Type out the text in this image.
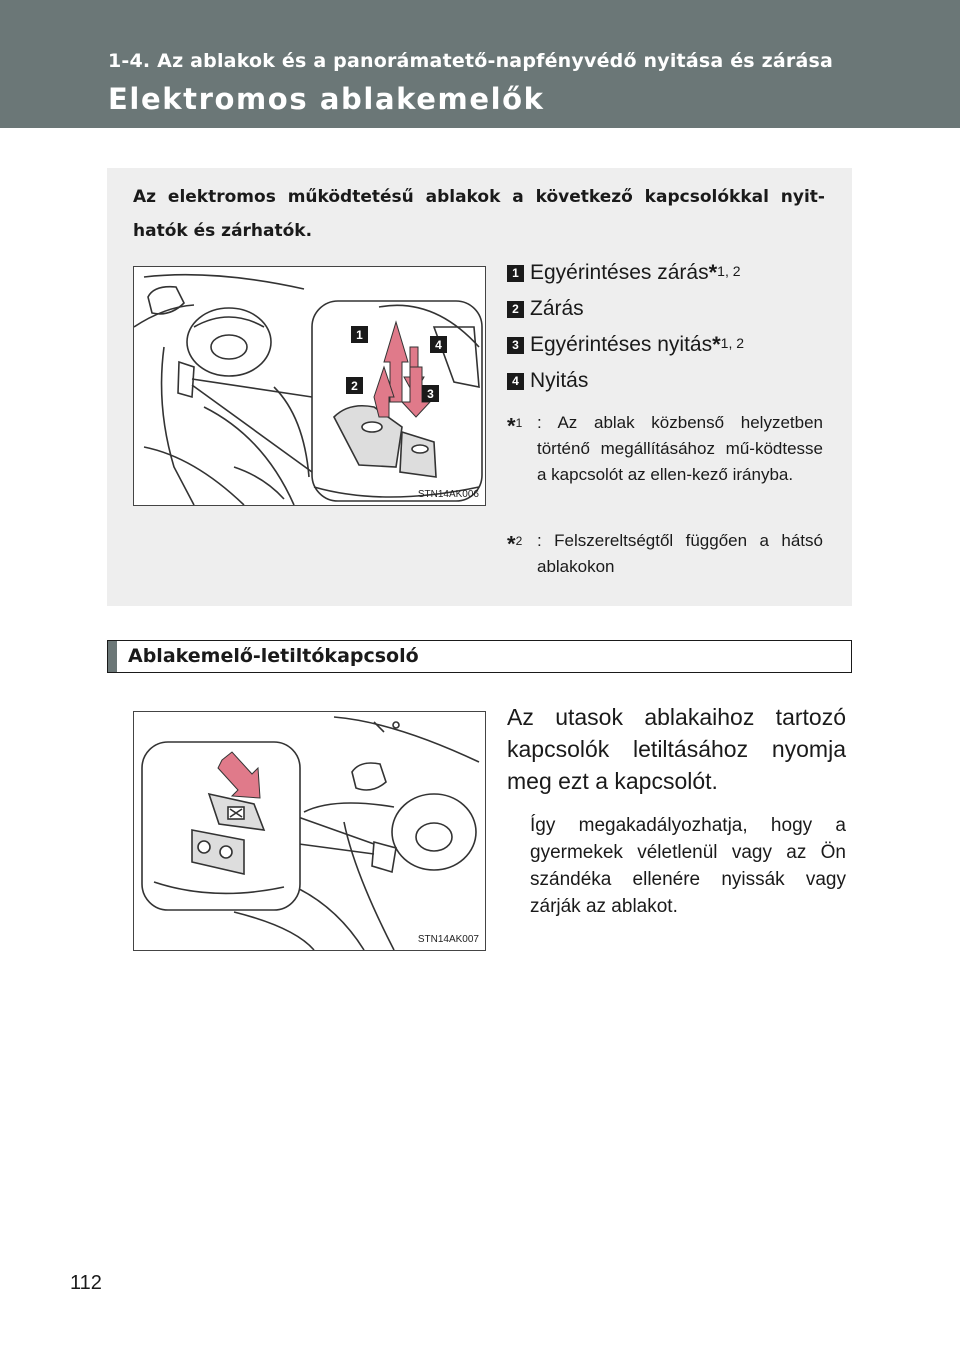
1-4. Az ablakok és a panorámatető-napfényvédő nyitása és zárása
Elektromos ablakemelők
Az elektromos működtetésű ablakok a következő kapcsolókkal nyit-hatók és zárhatók.
1
4
2
3
STN14AK006
1 Egyérintéses zárás *$^{1, 2}$
2 Zárás
3 Egyérintéses nyitás *$^{1, 2}$
4 Nyitás
*$^1$ : Az ablak közbenső helyzetben történő megállításához mű-ködtesse a kapcsolót az ellen-kező irányba.
*$^2$ : Felszereltségtől függően a hátsó ablakokon
Ablakemelő-letiltókapcsoló
STN14AK007
Az utasok ablakaihoz tartozó kapcsolók letiltásához nyomja meg ezt a kapcsolót.
Így megakadályozhatja, hogy a gyermekek véletlenül vagy az Ön szándéka ellenére nyissák vagy zárják az ablakot.
112
